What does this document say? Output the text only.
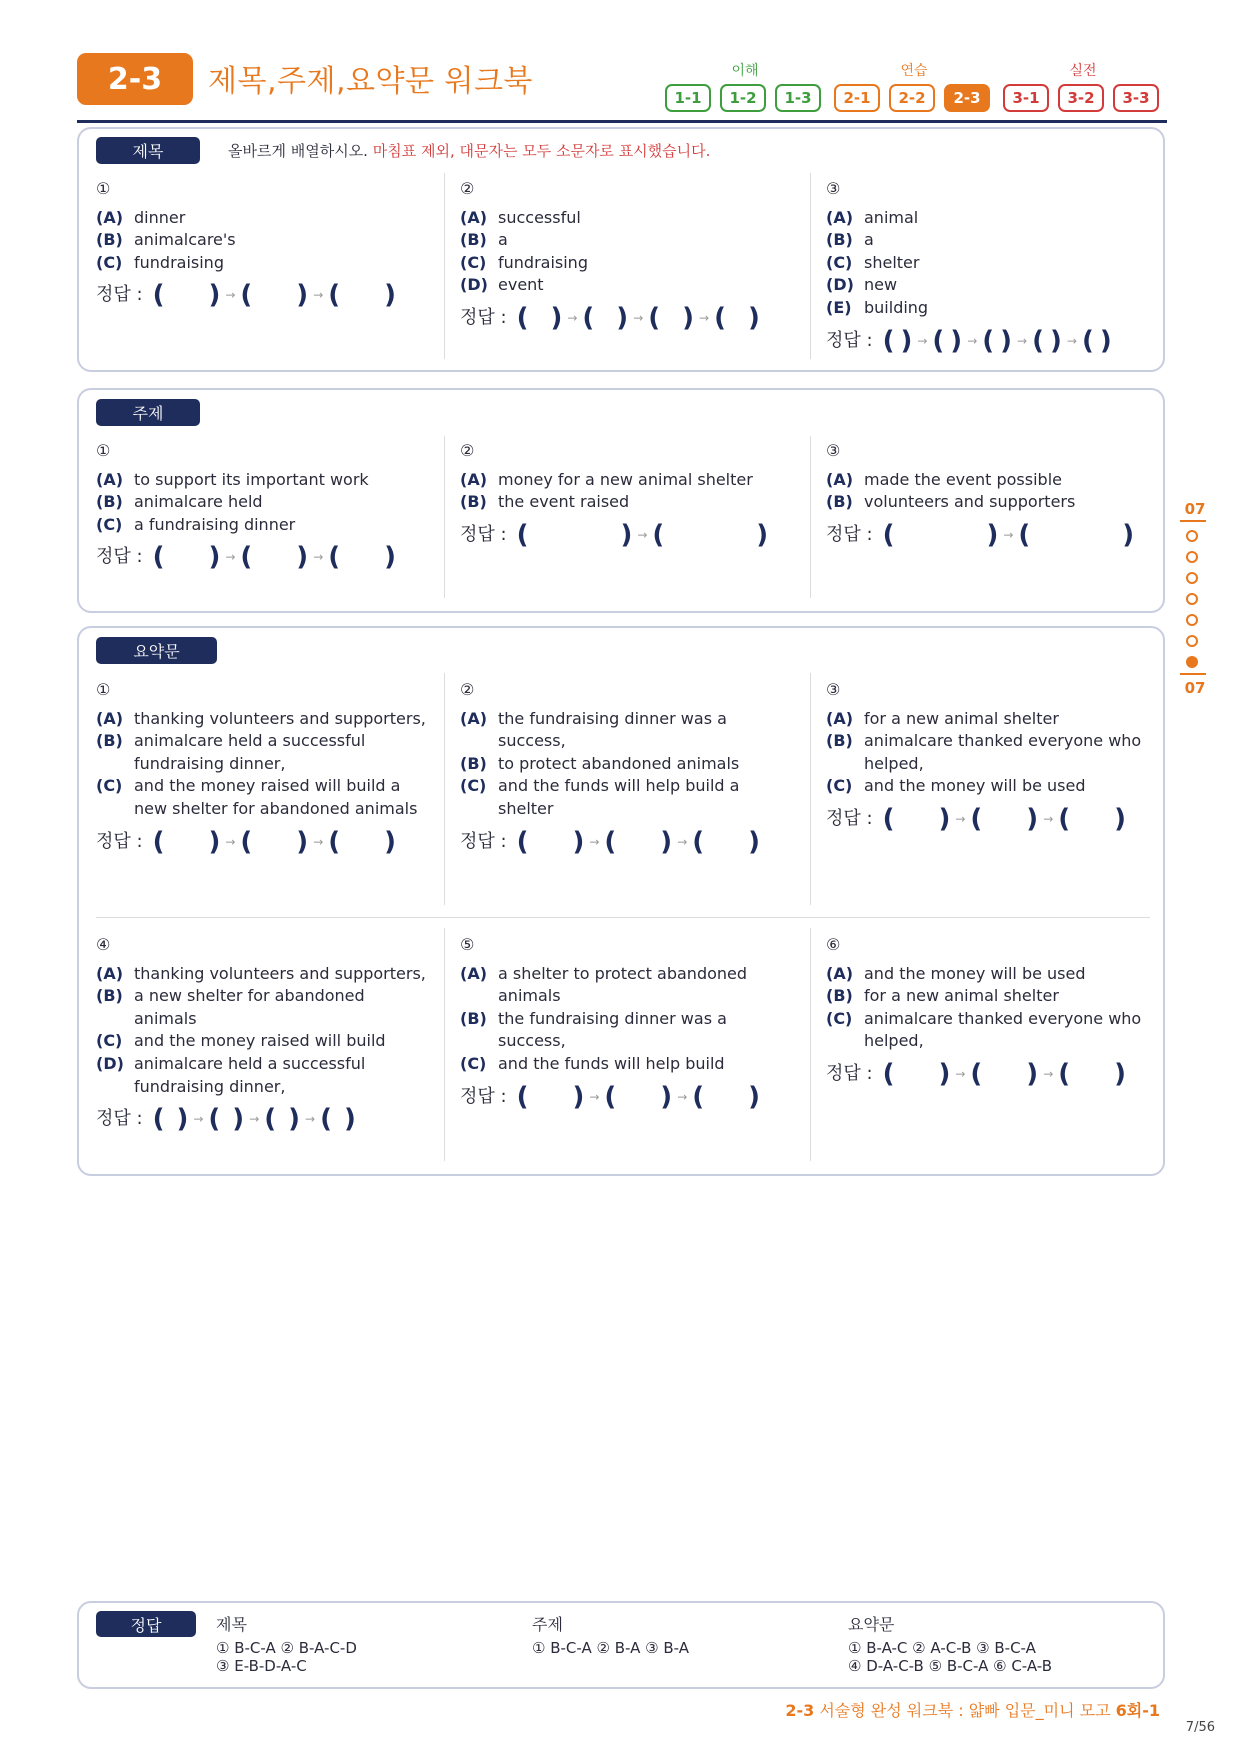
2-3	제목,주제,요약문 워크북	이해	연습	실전
1-1	1-2	1-3	2-1	2-2	2-3	3-1	3-2	3-3
제목	올바르게 배열하시오. 마침표 제외, 대문자는 모두 소문자로 표시했습니다.
①
(A) dinner
(B) animalcare's
(C) fundraising
정답 : ( ) → ( ) → ( )
②
(A) successful
(B) a
(C) fundraising
(D) event
정답 : ( ) → ( ) → ( ) → ( )
③
(A) animal
(B) a
(C) shelter
(D) new
(E) building
정답 : ( ) → ( ) → ( ) → ( ) → ( )
주제
①
(A) to support its important work
(B) animalcare held
(C) a fundraising dinner
정답 : ( ) → ( ) → ( )
②
(A) money for a new animal shelter
(B) the event raised
정답 : (	) → (	)
③
(A) made the event possible
(B) volunteers and supporters
정답 : (	) → (	)
요약문
①
(A) thanking volunteers and supporters,
(B) animalcare held a successful fundraising dinner,
(C) and the money raised will build a new shelter for abandoned animals
정답 : ( ) → ( ) → ( )
②
(A) the fundraising dinner was a success,
(B) to protect abandoned animals
(C) and the funds will help build a shelter
정답 : ( ) → ( ) → ( )
③
(A) for a new animal shelter
(B) animalcare thanked everyone who helped,
(C) and the money will be used
정답 : ( ) → ( ) → ( )
④
(A) thanking volunteers and supporters,
(B) a new shelter for abandoned animals
(C) and the money raised will build
(D) animalcare held a successful fundraising dinner,
정답 : ( ) → ( ) → ( ) → ( )
⑤
(A) a shelter to protect abandoned animals
(B) the fundraising dinner was a success,
(C) and the funds will help build
정답 : ( ) → ( ) → ( )
⑥
(A) and the money will be used
(B) for a new animal shelter
(C) animalcare thanked everyone who helped,
정답 : ( ) → ( ) → ( )
07
07
정답	제목
① B-C-A ② B-A-C-D
③ E-B-D-A-C
주제
① B-C-A ② B-A ③ B-A
요약문
① B-A-C ② A-C-B ③ B-C-A
④ D-A-C-B ⑤ B-C-A ⑥ C-A-B
2-3 서술형 완성 워크북 : 얇빠 입문_미니 모고 6회-1
7/56
